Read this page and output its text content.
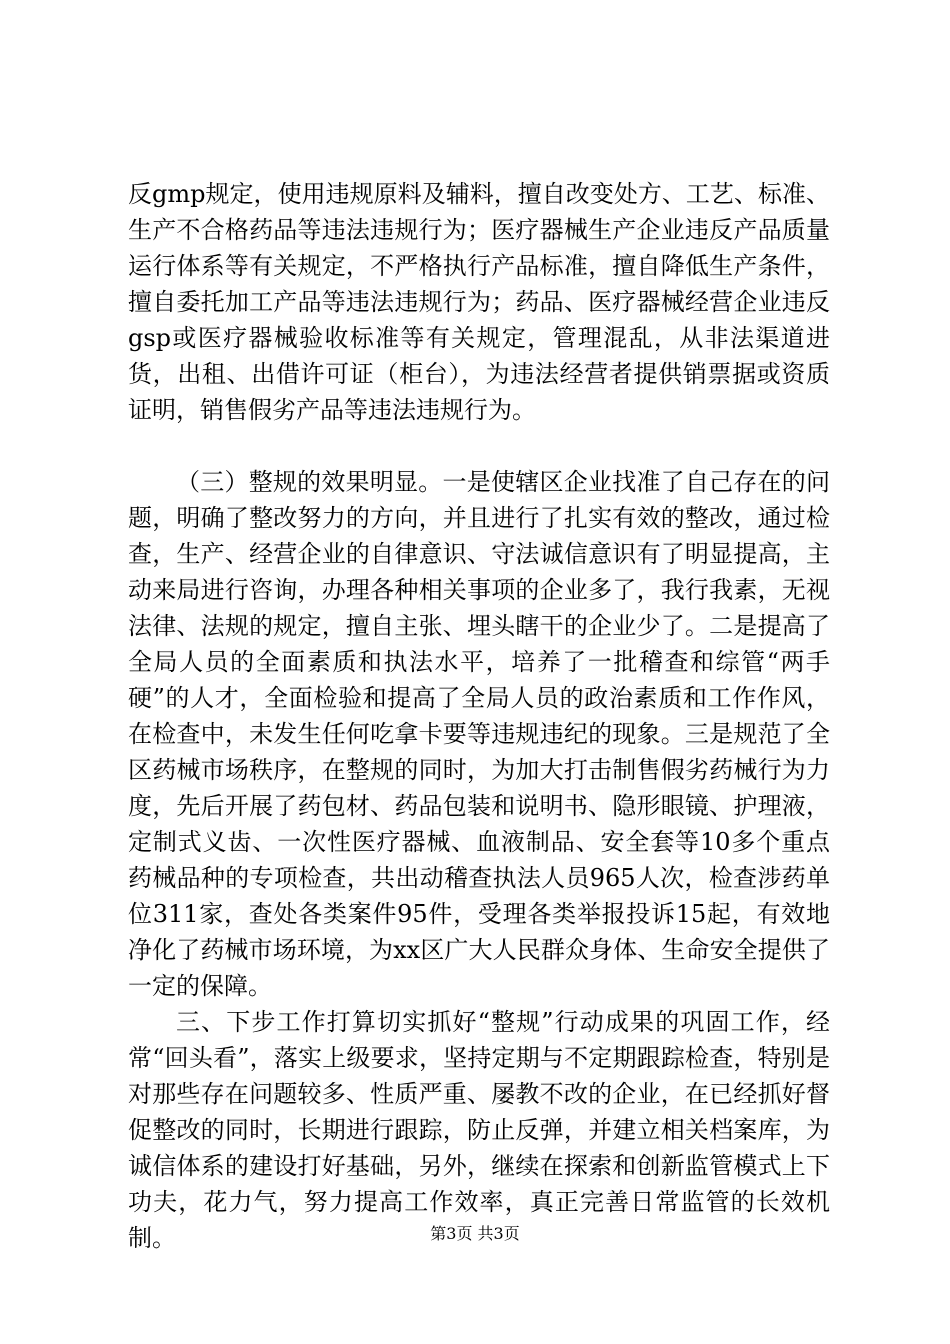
反gmp规定，使用违规原料及辅料，擅自改变处方、工艺、标准、生产不合格药品等违法违规行为；医疗器械生产企业违反产品质量运行体系等有关规定，不严格执行产品标准，擅自降低生产条件，擅自委托加工产品等违法违规行为；药品、医疗器械经营企业违反gsp或医疗器械验收标准等有关规定，管理混乱，从非法渠道进货，出租、出借许可证（柜台），为违法经营者提供销票据或资质证明，销售假劣产品等违法违规行为。

（三）整规的效果明显。一是使辖区企业找准了自己存在的问题，明确了整改努力的方向，并且进行了扎实有效的整改，通过检查，生产、经营企业的自律意识、守法诚信意识有了明显提高，主动来局进行咨询，办理各种相关事项的企业多了，我行我素，无视法律、法规的规定，擅自主张、埋头瞎干的企业少了。二是提高了全局人员的全面素质和执法水平，培养了一批稽查和综管“两手硬”的人才，全面检验和提高了全局人员的政治素质和工作作风，在检查中，未发生任何吃拿卡要等违规违纪的现象。三是规范了全区药械市场秩序，在整规的同时，为加大打击制售假劣药械行为力度，先后开展了药包材、药品包装和说明书、隐形眼镜、护理液，定制式义齿、一次性医疗器械、血液制品、安全套等10多个重点药械品种的专项检查，共出动稽查执法人员965人次，检查涉药单位311家，查处各类案件95件，受理各类举报投诉15起，有效地净化了药械市场环境，为xx区广大人民群众身体、生命安全提供了一定的保障。

三、下步工作打算切实抓好“整规”行动成果的巩固工作，经常“回头看”，落实上级要求，坚持定期与不定期跟踪检查，特别是对那些存在问题较多、性质严重、屡教不改的企业，在已经抓好督促整改的同时，长期进行跟踪，防止反弹，并建立相关档案库，为诚信体系的建设打好基础，另外，继续在探索和创新监管模式上下功夫，花力气，努力提高工作效率，真正完善日常监管的长效机制。	第3页 共3页
